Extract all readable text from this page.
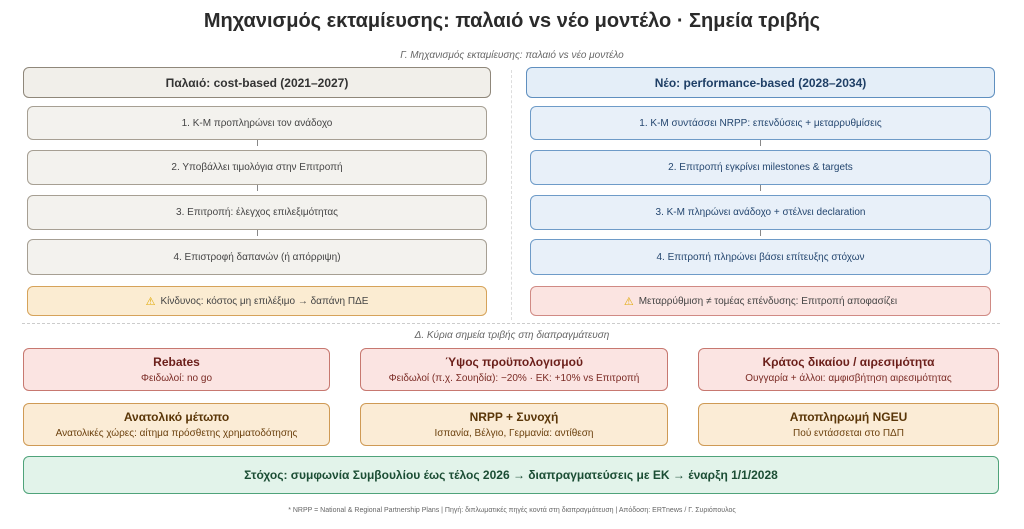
Μηχανισμός εκταμίευσης: παλαιό vs νέο μοντέλο · Σημεία τριβής
Γ. Μηχανισμός εκταμίευσης: παλαιό vs νέο μοντέλο
Παλαιό: cost-based (2021–2027)
1. Κ-Μ προπληρώνει τον ανάδοχο
2. Υποβάλλει τιμολόγια στην Επιτροπή
3. Επιτροπή: έλεγχος επιλεξιμότητας
4. Επιστροφή δαπανών (ή απόρριψη)
⚠ Κίνδυνος: κόστος μη επιλέξιμο → δαπάνη ΠΔΕ
Νέο: performance-based (2028–2034)
1. Κ-Μ συντάσσει NRPP: επενδύσεις + μεταρρυθμίσεις
2. Επιτροπή εγκρίνει milestones & targets
3. Κ-Μ πληρώνει ανάδοχο + στέλνει declaration
4. Επιτροπή πληρώνει βάσει επίτευξης στόχων
⚠ Μεταρρύθμιση ≠ τομέας επένδυσης: Επιτροπή αποφασίζει
Δ. Κύρια σημεία τριβής στη διαπραγμάτευση
Rebates
Φειδωλοί: no go
Ύψος προϋπολογισμού
Φειδωλοί (π.χ. Σουηδία): −20% · ΕΚ: +10% vs Επιτροπή
Κράτος δικαίου / αιρεσιμότητα
Ουγγαρία + άλλοι: αμφισβήτηση αιρεσιμότητας
Ανατολικό μέτωπο
Ανατολικές χώρες: αίτημα πρόσθετης χρηματοδότησης
NRPP + Συνοχή
Ισπανία, Βέλγιο, Γερμανία: αντίθεση
Αποπληρωμή NGEU
Πού εντάσσεται στο ΠΔΠ
Στόχος: συμφωνία Συμβουλίου έως τέλος 2026 → διαπραγματεύσεις με ΕΚ → έναρξη 1/1/2028
* NRPP = National & Regional Partnership Plans | Πηγή: διπλωματικές πηγές κοντά στη διαπραγμάτευση | Απόδοση: ERTnews / Γ. Συριόπουλος
